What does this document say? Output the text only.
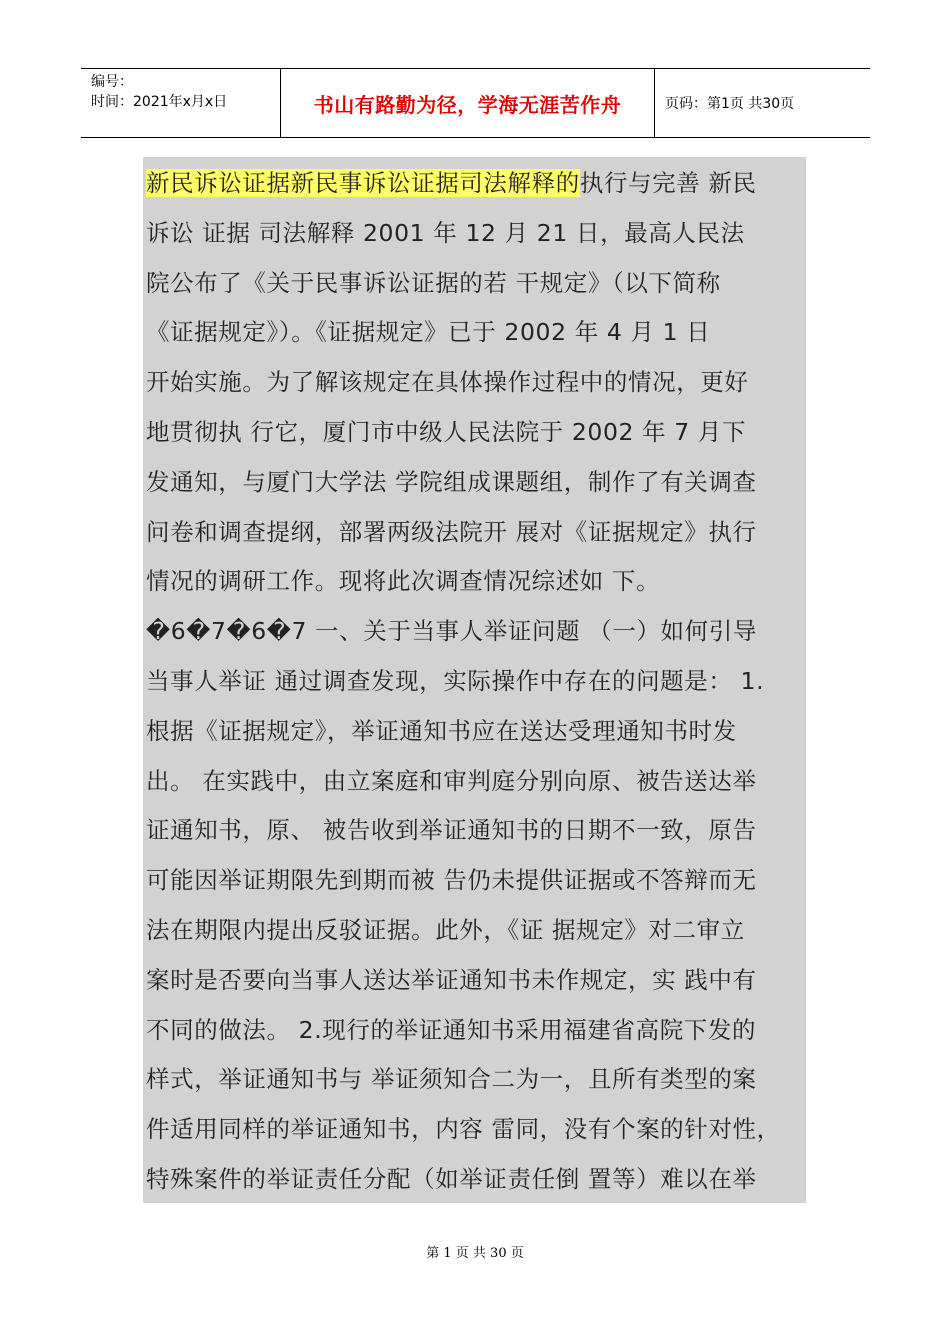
编号：
时间：2021年x月x日	书山有路勤为径，学海无涯苦作舟	页码：第1页 共30页
新民诉讼证据新民事诉讼证据司法解释的执行与完善 新民
诉讼 证据 司法解释 2001 年 12 月 21 日，最高人民法
院公布了《关于民事诉讼证据的若 干规定》（以下简称
《证据规定》）。《证据规定》已于 2002 年 4 月 1 日
开始实施。为了解该规定在具体操作过程中的情况，更好
地贯彻执 行它，厦门市中级人民法院于 2002 年 7 月下
发通知，与厦门大学法 学院组成课题组，制作了有关调查
问卷和调查提纲，部署两级法院开 展对《证据规定》执行
情况的调研工作。现将此次调查情况综述如 下。
�6�7�6�7 一、关于当事人举证问题 （一）如何引导
当事人举证 通过调查发现，实际操作中存在的问题是： 1.
根据《证据规定》，举证通知书应在送达受理通知书时发
出。 在实践中，由立案庭和审判庭分别向原、被告送达举
证通知书，原、 被告收到举证通知书的日期不一致，原告
可能因举证期限先到期而被 告仍未提供证据或不答辩而无
法在期限内提出反驳证据。此外，《证 据规定》对二审立
案时是否要向当事人送达举证通知书未作规定，实 践中有
不同的做法。 2.现行的举证通知书采用福建省高院下发的
样式，举证通知书与 举证须知合二为一，且所有类型的案
件适用同样的举证通知书，内容 雷同，没有个案的针对性，
特殊案件的举证责任分配（如举证责任倒 置等）难以在举
第 1 页 共 30 页
